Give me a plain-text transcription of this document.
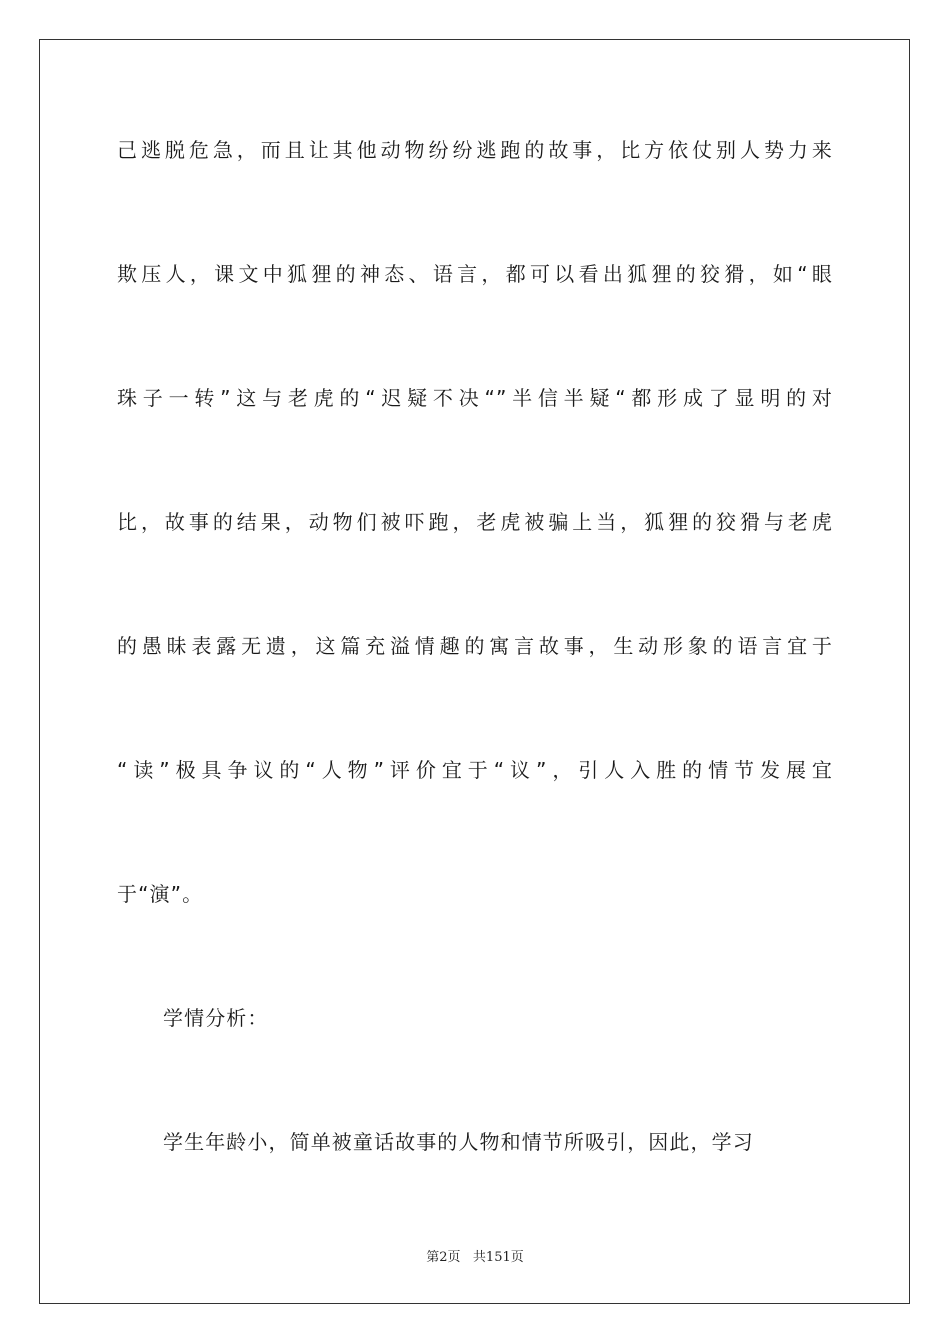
己逃脱危急，而且让其他动物纷纷逃跑的故事，比方依仗别人势力来
欺压人，课文中狐狸的神态、语言，都可以看出狐狸的狡猾，如“眼
珠子一转”这与老虎的“迟疑不决“”半信半疑“都形成了显明的对
比，故事的结果，动物们被吓跑，老虎被骗上当，狐狸的狡猾与老虎
的愚昧表露无遗，这篇充溢情趣的寓言故事，生动形象的语言宜于
“读”极具争议的“人物”评价宜于“议”，引人入胜的情节发展宜
于“演”。
学情分析：
学生年龄小，简单被童话故事的人物和情节所吸引，因此，学习
第2页   共151页
